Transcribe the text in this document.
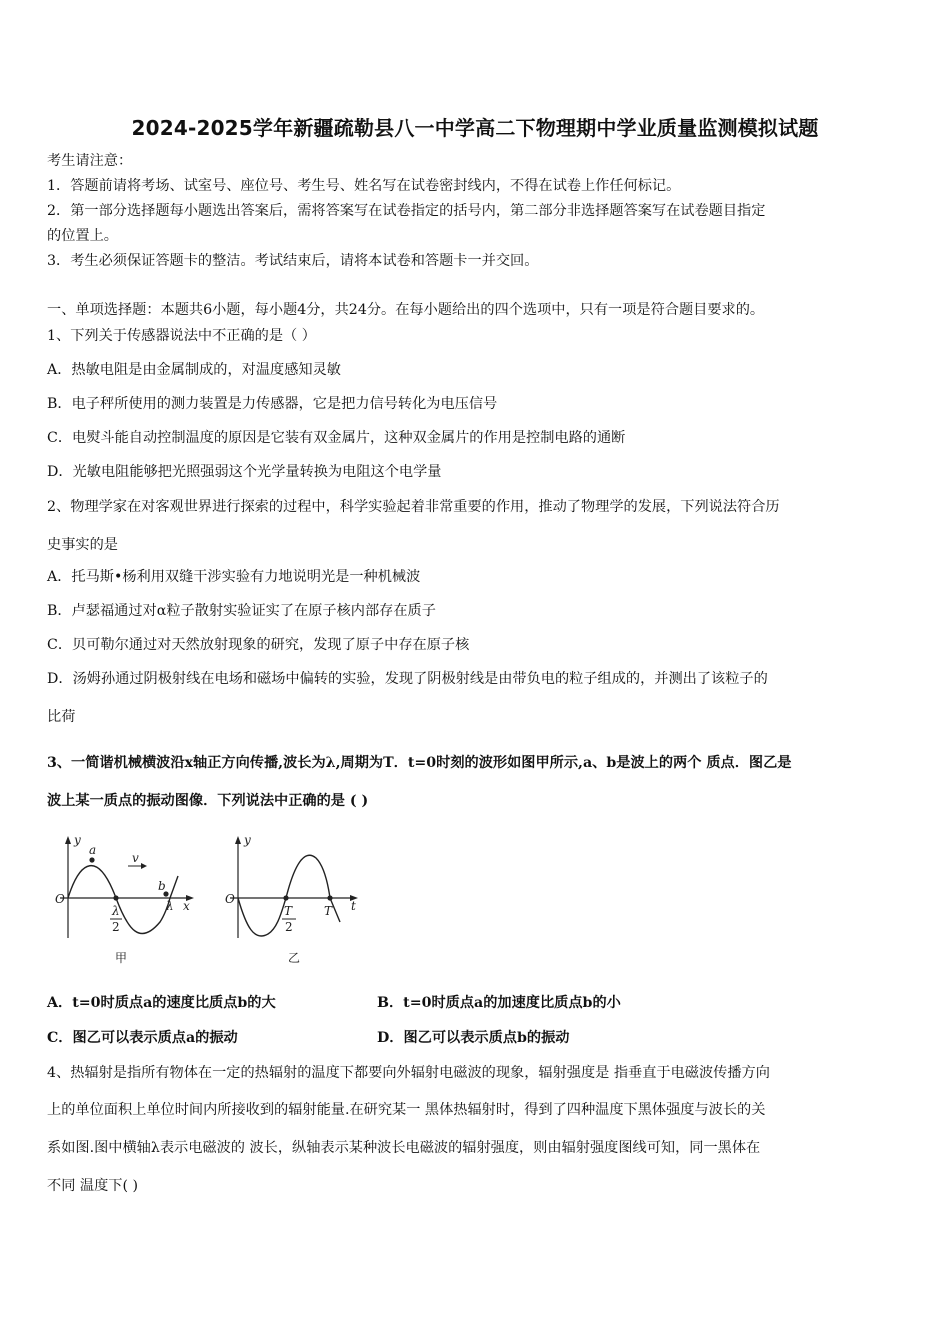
2024-2025学年新疆疏勒县八一中学高二下物理期中学业质量监测模拟试题
考生请注意：
1．答题前请将考场、试室号、座位号、考生号、姓名写在试卷密封线内，不得在试卷上作任何标记。
2．第一部分选择题每小题选出答案后，需将答案写在试卷指定的括号内，第二部分非选择题答案写在试卷题目指定
的位置上。
3．考生必须保证答题卡的整洁。考试结束后，请将本试卷和答题卡一并交回。
一、单项选择题：本题共6小题，每小题4分，共24分。在每小题给出的四个选项中，只有一项是符合题目要求的。
1、下列关于传感器说法中不正确的是（ ）
A．热敏电阻是由金属制成的，对温度感知灵敏
B．电子秤所使用的测力装置是力传感器，它是把力信号转化为电压信号
C．电熨斗能自动控制温度的原因是它装有双金属片，这种双金属片的作用是控制电路的通断
D．光敏电阻能够把光照强弱这个光学量转换为电阻这个电学量
2、物理学家在对客观世界进行探索的过程中，科学实验起着非常重要的作用，推动了物理学的发展，下列说法符合历
史事实的是
A．托马斯•杨利用双缝干涉实验有力地说明光是一种机械波
B．卢瑟福通过对α粒子散射实验证实了在原子核内部存在质子
C．贝可勒尔通过对天然放射现象的研究，发现了原子中存在原子核
D．汤姆孙通过阴极射线在电场和磁场中偏转的实验，发现了阴极射线是由带负电的粒子组成的，并测出了该粒子的
比荷
3、一简谐机械横波沿x轴正方向传播,波长为λ,周期为T．t=0时刻的波形如图甲所示,a、b是波上的两个 质点．图乙是
波上某一质点的振动图像．下列说法中正确的是 ( )
y
O
a
v
b
λ
2
λ x
甲
y
O
T
2
T t
乙
A．t=0时质点a的速度比质点b的大	B．t=0时质点a的加速度比质点b的小
C．图乙可以表示质点a的振动	D．图乙可以表示质点b的振动
4、热辐射是指所有物体在一定的热辐射的温度下都要向外辐射电磁波的现象，辐射强度是 指垂直于电磁波传播方向
上的单位面积上单位时间内所接收到的辐射能量.在研究某一 黑体热辐射时，得到了四种温度下黑体强度与波长的关
系如图.图中横轴λ表示电磁波的 波长，纵轴表示某种波长电磁波的辐射强度，则由辐射强度图线可知，同一黑体在
不同 温度下( )
